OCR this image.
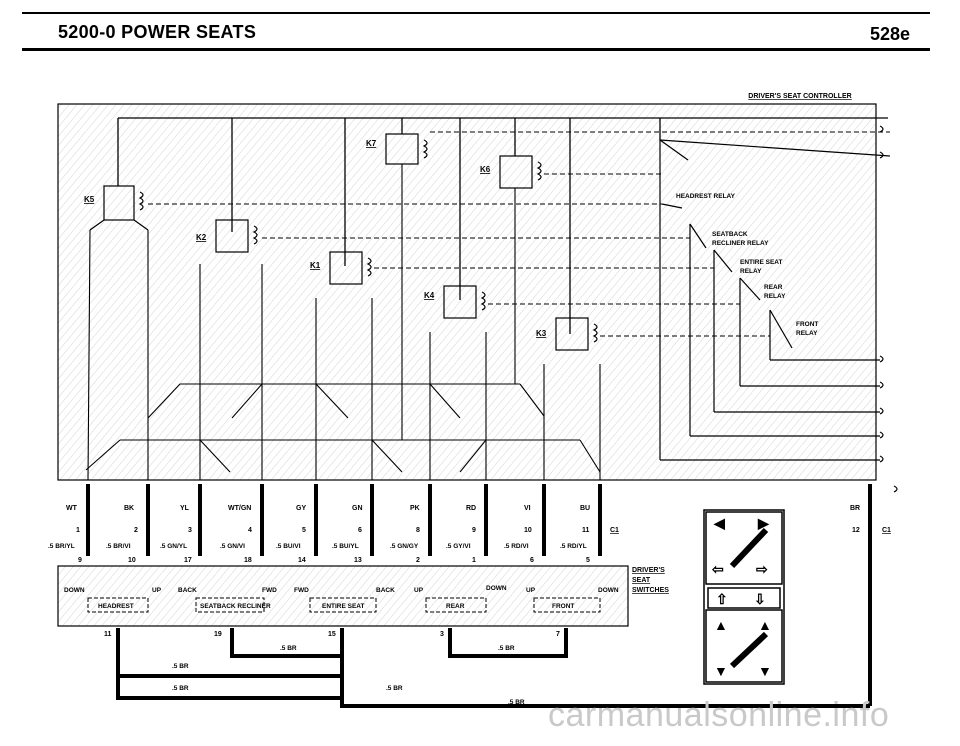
5200-0 POWER SEATS	528e
DRIVER'S SEAT CONTROLLER
K5
K7
K6
K2
K1
K4
K3
HEADREST RELAY
SEATBACK
RECLINER RELAY
ENTIRE SEAT
RELAY
REAR
RELAY
FRONT
RELAY
WT	BK	YL	WT/GN	GY	GN	PK	RD	VI	BU	BR
1	2	3	4	5	6	8	9	10	11	12
C1	C1
.5 BR/YL	.5 BR/VI	.5 GN/YL	.5 GN/VI	.5 BU/VI	.5 BU/YL	.5 GN/GY	.5 GY/VI	.5 RD/VI	.5 RD/YL
9	10	17	18	14	13	2	1	6	5
DOWN	UP	BACK	FWD	FWD	BACK	UP	DOWN	UP	DOWN
HEADREST	SEATBACK RECLINER	ENTIRE SEAT	REAR	FRONT
DRIVER'S
SEAT
SWITCHES
11	19	15	3	7
.5 BR
.5 BR
.5 BR
.5 BR	.5 BR
.5 BR
◀ ▶
⇦ ⇨
⇧ ⇩
▲ ▲
▼ ▼
carmanualsonline.info
